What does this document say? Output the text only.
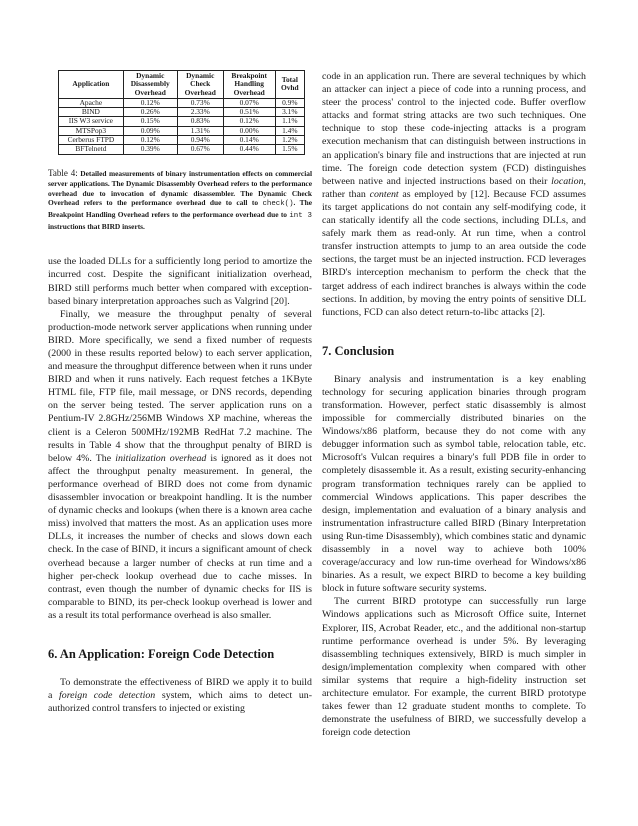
Application	Dynamic Disassembly Overhead	Dynamic Check Overhead	Breakpoint Handling Overhead	Total Ovhd
Apache	0.12%	0.73%	0.07%	0.9%
BIND	0.26%	2.33%	0.51%	3.1%
IIS W3 service	0.15%	0.83%	0.12%	1.1%
MTSPop3	0.09%	1.31%	0.00%	1.4%
Cerberus FTPD	0.12%	0.94%	0.14%	1.2%
BFTelnetd	0.39%	0.67%	0.44%	1.5%
Table 4: Detailed measurements of binary instrumentation effects on commercial server applications. The Dynamic Disassembly Overhead refers to the performance overhead due to invocation of dynamic disassembler. The Dynamic Check Overhead refers to the performance overhead due to call to check(). The Breakpoint Handling Overhead refers to the performance overhead due to int 3 instructions that BIRD inserts.

use the loaded DLLs for a sufficiently long period to amortize the incurred cost. Despite the significant initialization overhead, BIRD still performs much better when compared with exception-based binary interpretation approaches such as Valgrind [20].

Finally, we measure the throughput penalty of several production-mode network server applications when running under BIRD. More specifically, we send a fixed number of requests (2000 in these results reported below) to each server application, and measure the throughput difference between when it runs under BIRD and when it runs natively. Each request fetches a 1KByte HTML file, FTP file, mail message, or DNS records, depending on the server being tested. The server application runs on a Pentium-IV 2.8GHz/256MB Windows XP machine, whereas the client is a Celeron 500MHz/192MB RedHat 7.2 machine. The results in Table 4 show that the throughput penalty of BIRD is below 4%. The initialization overhead is ignored as it does not affect the throughput penalty measurement. In general, the performance overhead of BIRD does not come from dynamic disassembler invocation or breakpoint handling. It is the number of dynamic checks and lookups (when there is a known area cache miss) involved that matters the most. As an application uses more DLLs, it increases the number of checks and slows down each check. In the case of BIND, it incurs a significant amount of check overhead because a larger number of checks at run time and a higher per-check lookup overhead due to cache misses. In contrast, even though the number of dynamic checks for IIS is comparable to BIND, its per-check lookup overhead is lower and as a result its total performance overhead is also smaller.

6. An Application: Foreign Code Detection

To demonstrate the effectiveness of BIRD we apply it to build a foreign code detection system, which aims to detect un-authorized control transfers to injected or existing

code in an application run. There are several techniques by which an attacker can inject a piece of code into a running process, and steer the process' control to the injected code. Buffer overflow attacks and format string attacks are two such techniques. One technique to stop these code-injecting attacks is a program execution mechanism that can distinguish between instructions in an application's binary file and instructions that are injected at run time. The foreign code detection system (FCD) distinguishes between native and injected instructions based on their location, rather than content as employed by [12]. Because FCD assumes its target applications do not contain any self-modifying code, it can statically identify all the code sections, including DLLs, and safely mark them as read-only. At run time, when a control transfer instruction attempts to jump to an area outside the code sections, the target must be an injected instruction. FCD leverages BIRD's interception mechanism to perform the check that the target address of each indirect branches is always within the code sections. In addition, by moving the entry points of sensitive DLL functions, FCD can also detect return-to-libc attacks [2].

7. Conclusion

Binary analysis and instrumentation is a key enabling technology for securing application binaries through program transformation. However, perfect static disassembly is almost impossible for commercially distributed binaries on the Windows/x86 platform, because they do not come with any debugger information such as symbol table, relocation table, etc. Microsoft's Vulcan requires a binary's full PDB file in order to completely disassemble it. As a result, existing security-enhancing program transformation techniques rarely can be applied to commercial Windows applications. This paper describes the design, implementation and evaluation of a binary analysis and instrumentation infrastructure called BIRD (Binary Interpretation using Run-time Disassembly), which combines static and dynamic disassembly in a novel way to achieve both 100% coverage/accuracy and low run-time overhead for Windows/x86 binaries. As a result, we expect BIRD to become a key building block in future software security systems.

The current BIRD prototype can successfully run large Windows applications such as Microsoft Office suite, Internet Explorer, IIS, Acrobat Reader, etc., and the additional non-startup runtime performance overhead is under 5%. By leveraging disassembling techniques extensively, BIRD is much simpler in design/implementation complexity when compared with other similar systems that require a high-fidelity instruction set architecture emulator. For example, the current BIRD prototype takes fewer than 12 graduate student months to complete. To demonstrate the usefulness of BIRD, we successfully develop a foreign code detection
